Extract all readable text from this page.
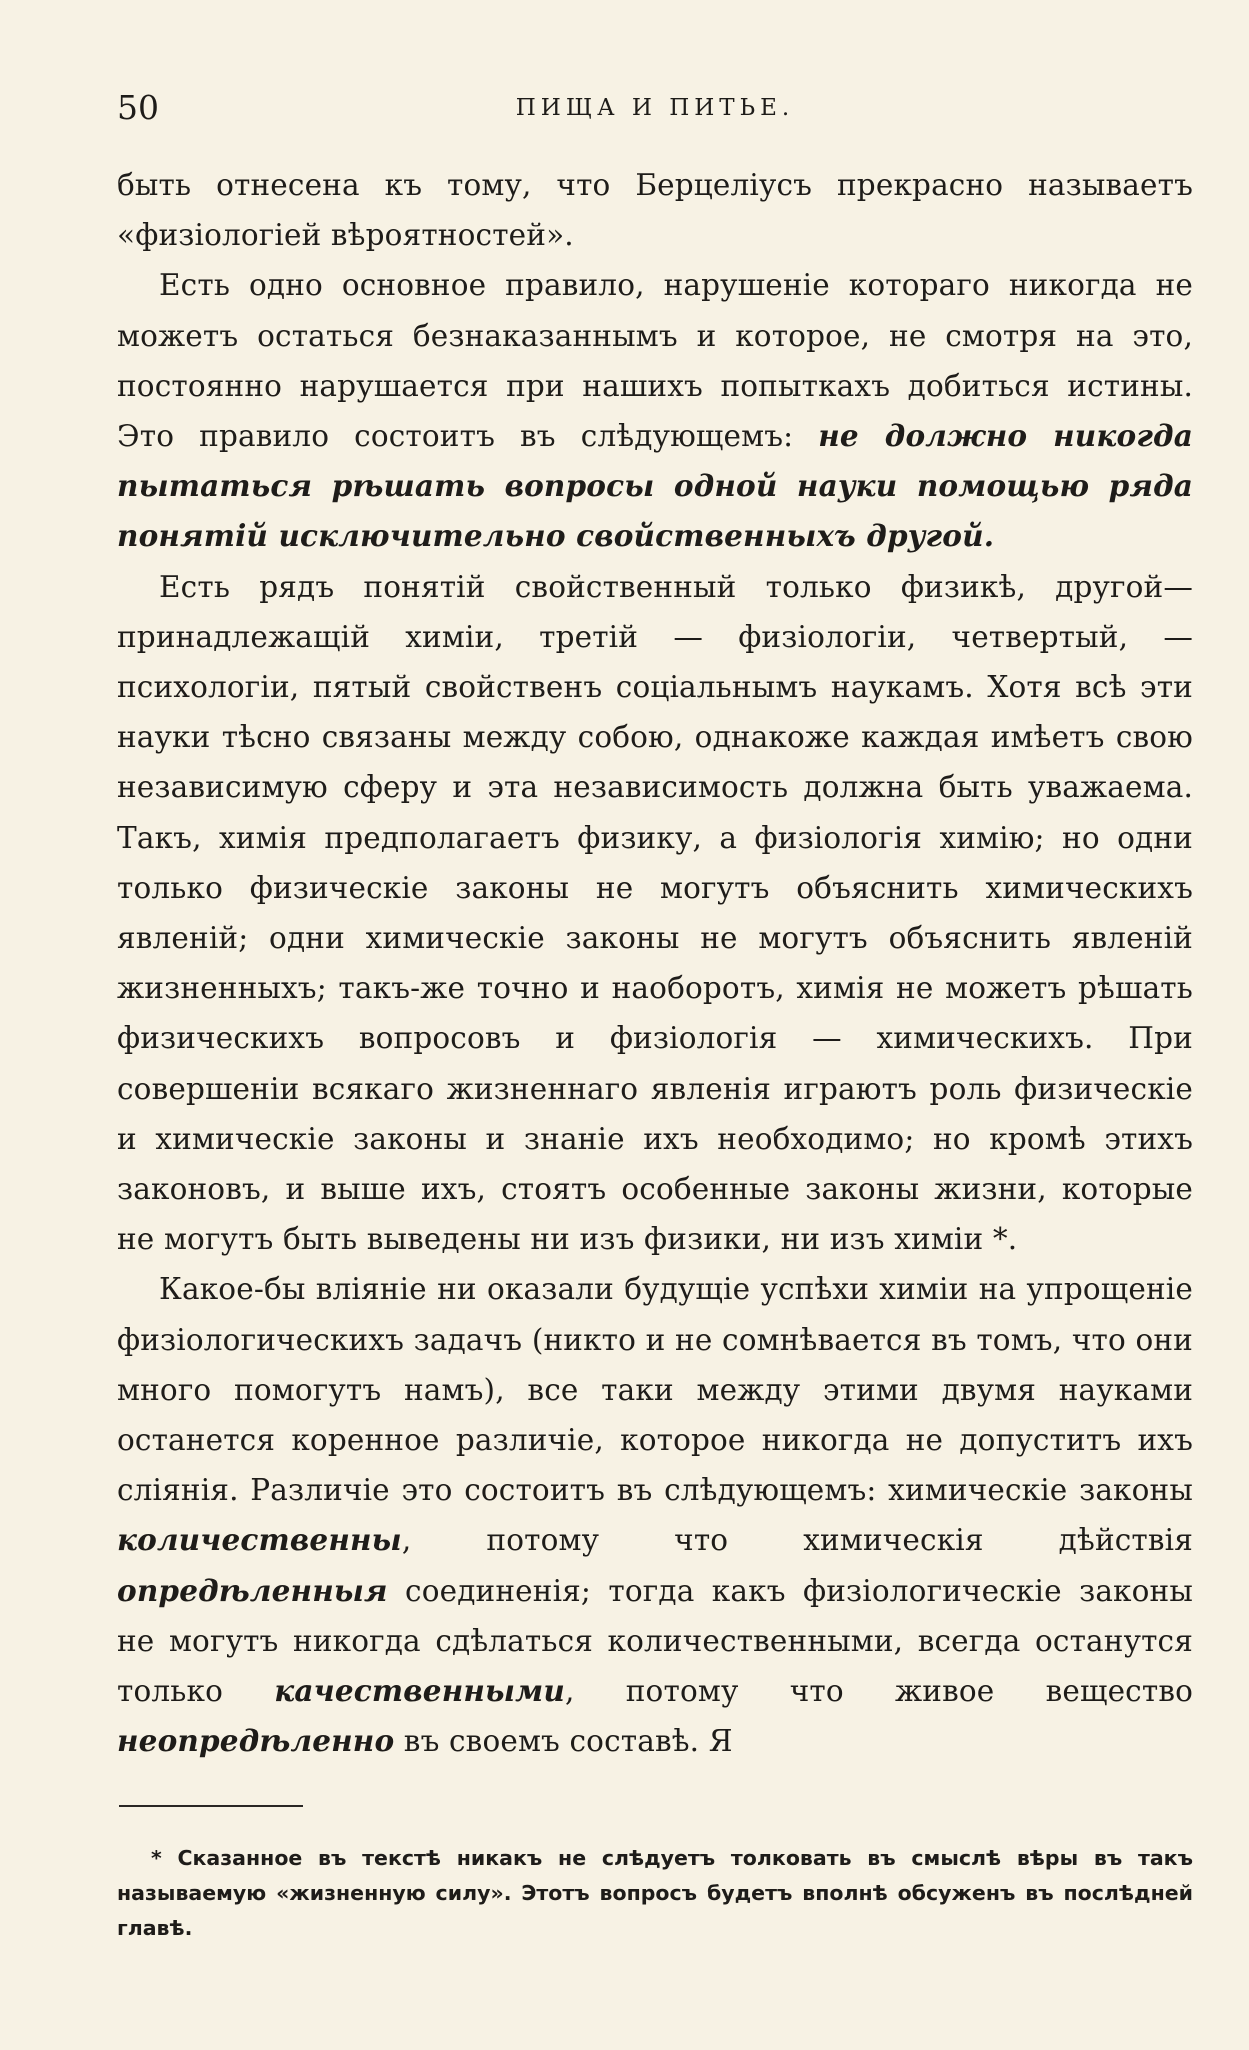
50	ПИЩА И ПИТЬЕ.

быть отнесена къ тому, что Берцеліусъ прекрасно называетъ «физіологіей вѣроятностей».

Есть одно основное правило, нарушеніе котораго никогда не можетъ остаться безнаказаннымъ и которое, не смотря на это, постоянно нарушается при нашихъ попыткахъ добиться истины. Это правило состоитъ въ слѣдующемъ: не должно никогда пытаться рѣшать вопросы одной науки помощью ряда понятій исключительно свойственныхъ другой.

Есть рядъ понятій свойственный только физикѣ, другой—принадлежащій химіи, третій — физіологіи, четвертый, — психологіи, пятый свойственъ соціальнымъ наукамъ. Хотя всѣ эти науки тѣсно связаны между собою, однакоже каждая имѣетъ свою независимую сферу и эта независимость должна быть уважаема. Такъ, химія предполагаетъ физику, а физіологія химію; но одни только физическіе законы не могутъ объяснить химическихъ явленій; одни химическіе законы не могутъ объяснить явленій жизненныхъ; такъ-же точно и наоборотъ, химія не можетъ рѣшать физическихъ вопросовъ и физіологія — химическихъ. При совершеніи всякаго жизненнаго явленія играютъ роль физическіе и химическіе законы и знаніе ихъ необходимо; но кромѣ этихъ законовъ, и выше ихъ, стоятъ особенные законы жизни, которые не могутъ быть выведены ни изъ физики, ни изъ химіи *.

Какое-бы вліяніе ни оказали будущіе успѣхи химіи на упрощеніе физіологическихъ задачъ (никто и не сомнѣвается въ томъ, что они много помогутъ намъ), все таки между этими двумя науками останется коренное различіе, которое никогда не допуститъ ихъ сліянія. Различіе это состоитъ въ слѣдующемъ: химическіе законы количественны, потому что химическія дѣйствія опредѣленныя соединенія; тогда какъ физіологическіе законы не могутъ никогда сдѣлаться количественными, всегда останутся только качественными, потому что живое вещество неопредѣленно въ своемъ составѣ. Я

* Сказанное въ текстѣ никакъ не слѣдуетъ толковать въ смыслѣ вѣры въ такъ называемую «жизненную силу». Этотъ вопросъ будетъ вполнѣ обсуженъ въ послѣдней главѣ.
